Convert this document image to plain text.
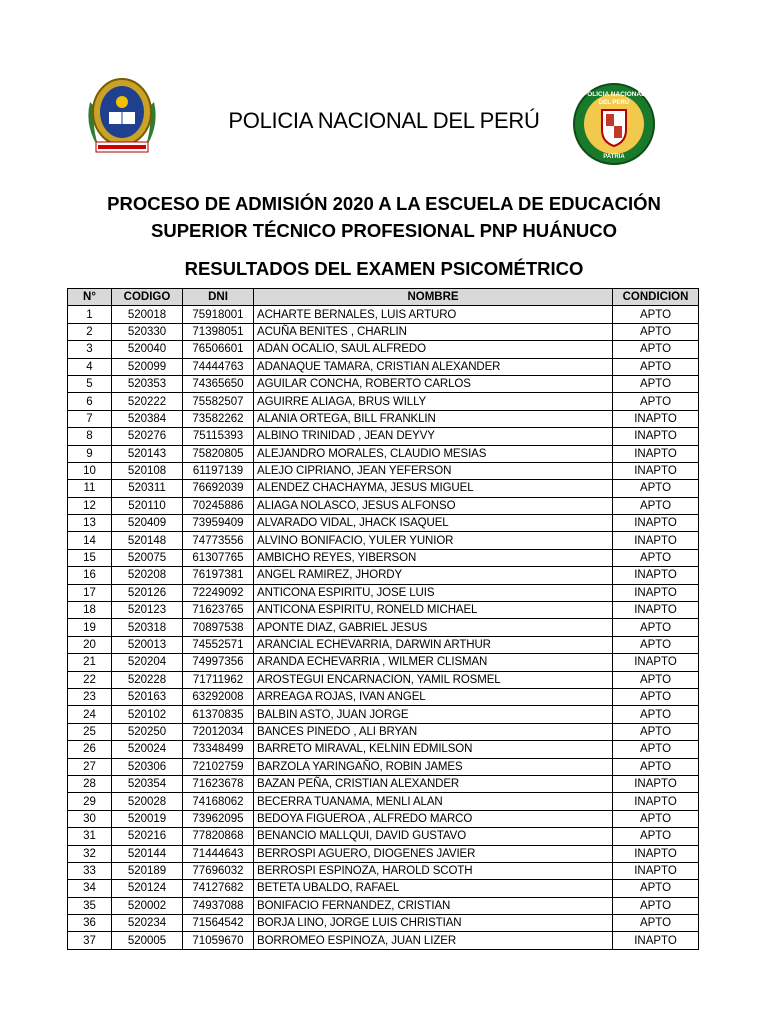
POLICIA NACIONAL DEL PERÚ
POLICIA NACIONAL
DEL PERÚ
PATRIA
PROCESO DE ADMISIÓN 2020 A LA ESCUELA DE EDUCACIÓN
SUPERIOR TÉCNICO PROFESIONAL PNP HUÁNUCO
RESULTADOS DEL EXAMEN PSICOMÉTRICO
N°	CODIGO	DNI	NOMBRE	CONDICION
1	520018	75918001	ACHARTE BERNALES, LUIS ARTURO	APTO
2	520330	71398051	ACUÑA BENITES , CHARLIN	APTO
3	520040	76506601	ADAN OCALIO, SAUL ALFREDO	APTO
4	520099	74444763	ADANAQUE TAMARA, CRISTIAN ALEXANDER	APTO
5	520353	74365650	AGUILAR CONCHA, ROBERTO CARLOS	APTO
6	520222	75582507	AGUIRRE ALIAGA, BRUS WILLY	APTO
7	520384	73582262	ALANIA ORTEGA, BILL FRANKLIN	INAPTO
8	520276	75115393	ALBINO TRINIDAD , JEAN DEYVY	INAPTO
9	520143	75820805	ALEJANDRO MORALES, CLAUDIO MESIAS	INAPTO
10	520108	61197139	ALEJO CIPRIANO, JEAN YEFERSON	INAPTO
11	520311	76692039	ALENDEZ CHACHAYMA, JESUS MIGUEL	APTO
12	520110	70245886	ALIAGA NOLASCO, JESUS ALFONSO	APTO
13	520409	73959409	ALVARADO VIDAL, JHACK ISAQUEL	INAPTO
14	520148	74773556	ALVINO BONIFACIO, YULER YUNIOR	INAPTO
15	520075	61307765	AMBICHO REYES, YIBERSON	APTO
16	520208	76197381	ANGEL RAMIREZ, JHORDY	INAPTO
17	520126	72249092	ANTICONA ESPIRITU, JOSE LUIS	INAPTO
18	520123	71623765	ANTICONA ESPIRITU, RONELD MICHAEL	INAPTO
19	520318	70897538	APONTE DIAZ, GABRIEL JESUS	APTO
20	520013	74552571	ARANCIAL ECHEVARRIA, DARWIN ARTHUR	APTO
21	520204	74997356	ARANDA ECHEVARRIA , WILMER CLISMAN	INAPTO
22	520228	71711962	AROSTEGUI ENCARNACION, YAMIL ROSMEL	APTO
23	520163	63292008	ARREAGA ROJAS, IVAN ANGEL	APTO
24	520102	61370835	BALBIN ASTO, JUAN JORGE	APTO
25	520250	72012034	BANCES PINEDO , ALI BRYAN	APTO
26	520024	73348499	BARRETO MIRAVAL, KELNIN EDMILSON	APTO
27	520306	72102759	BARZOLA YARINGAÑO, ROBIN JAMES	APTO
28	520354	71623678	BAZAN PEÑA, CRISTIAN ALEXANDER	INAPTO
29	520028	74168062	BECERRA TUANAMA, MENLI ALAN	INAPTO
30	520019	73962095	BEDOYA FIGUEROA , ALFREDO MARCO	APTO
31	520216	77820868	BENANCIO MALLQUI, DAVID GUSTAVO	APTO
32	520144	71444643	BERROSPI AGUERO, DIOGENES JAVIER	INAPTO
33	520189	77696032	BERROSPI ESPINOZA, HAROLD SCOTH	INAPTO
34	520124	74127682	BETETA UBALDO, RAFAEL	APTO
35	520002	74937088	BONIFACIO FERNANDEZ, CRISTIAN	APTO
36	520234	71564542	BORJA LINO, JORGE LUIS CHRISTIAN	APTO
37	520005	71059670	BORROMEO ESPINOZA, JUAN LIZER	INAPTO
